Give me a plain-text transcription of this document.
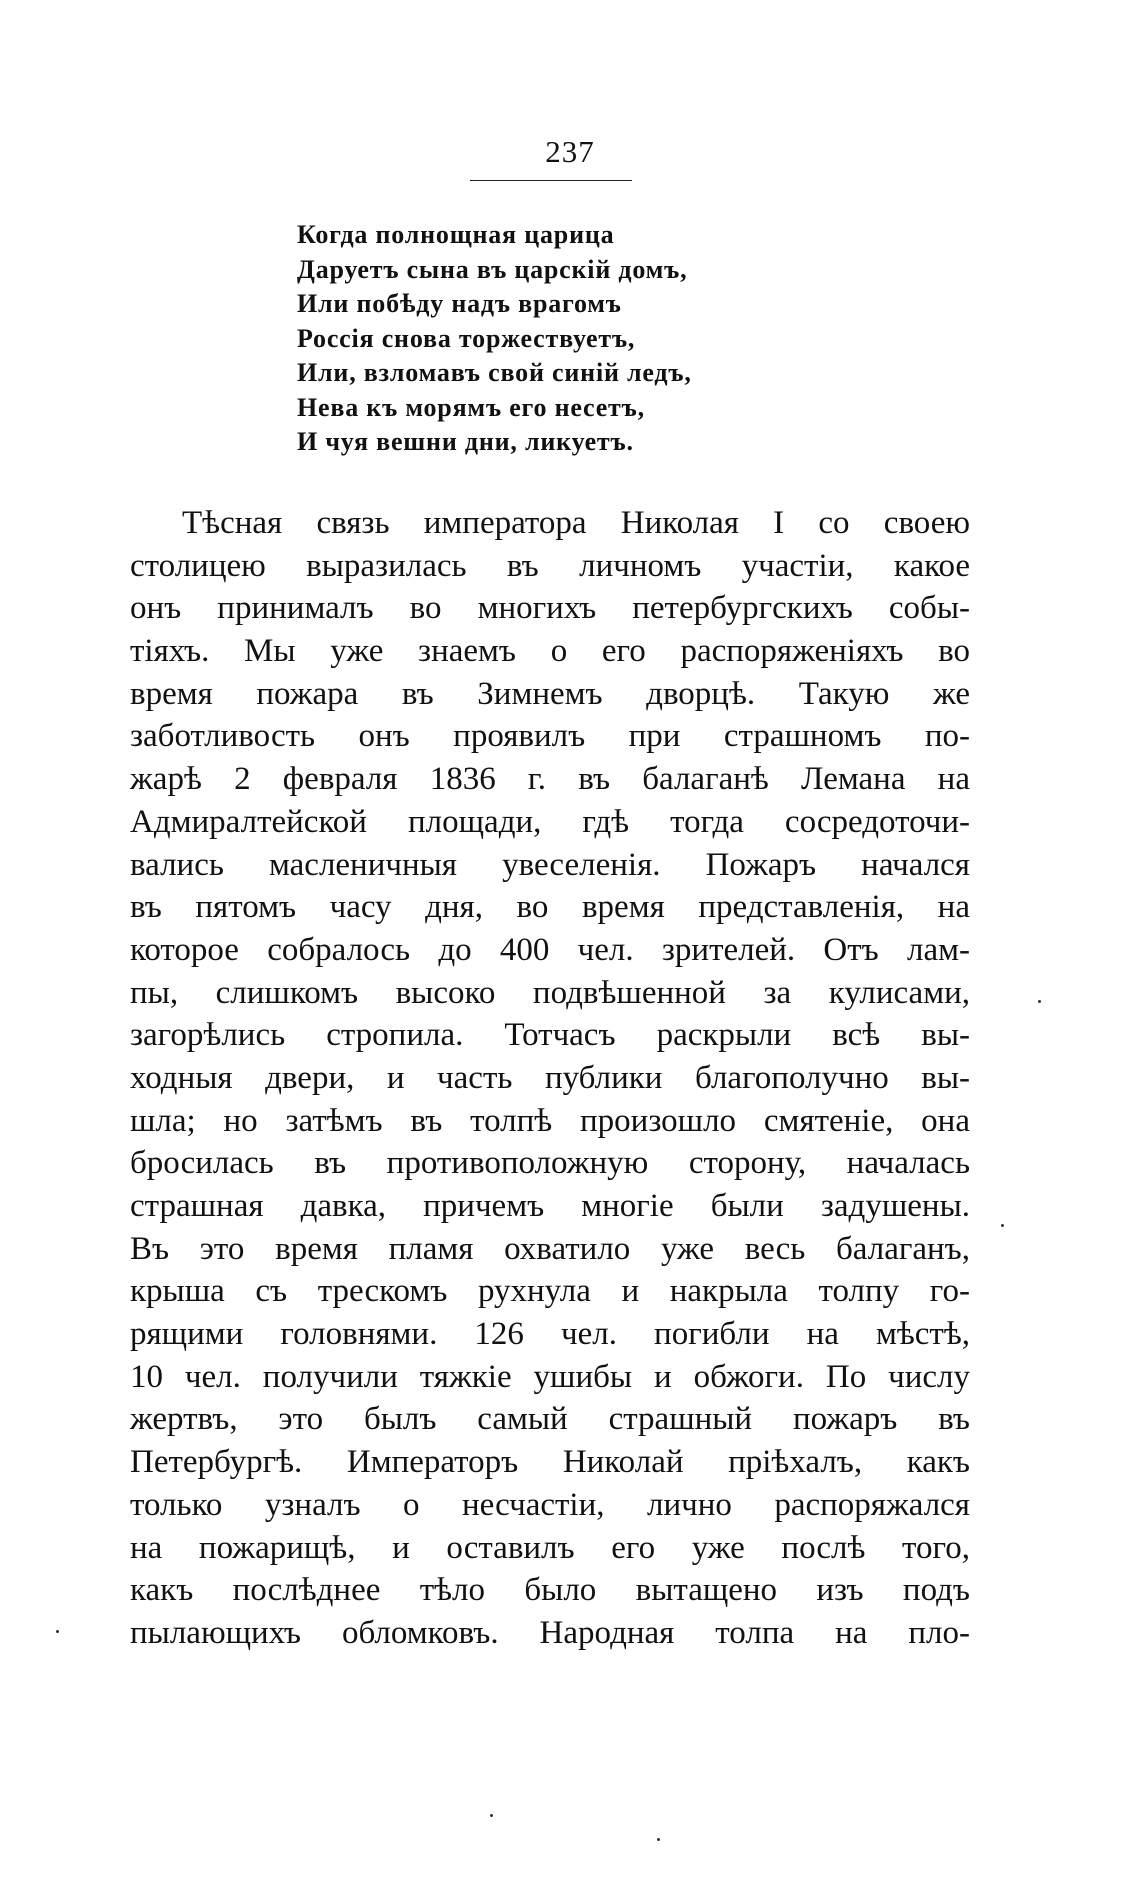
237
Когда полнощная царица
Даруетъ сына въ царскій домъ,
Или побѣду надъ врагомъ
Россія снова торжествуетъ,
Или, взломавъ свой синій ледъ,
Нева къ морямъ его несетъ,
И чуя вешни дни, ликуетъ.
Тѣсная связь императора Николая I со своею
столицею выразилась въ личномъ участіи, какое
онъ принималъ во многихъ петербургскихъ собы-
тіяхъ. Мы уже знаемъ о его распоряженіяхъ во
время пожара въ Зимнемъ дворцѣ. Такую же
заботливость онъ проявилъ при страшномъ по-
жарѣ 2 февраля 1836 г. въ балаганѣ Лемана на
Адмиралтейской площади, гдѣ тогда сосредоточи-
вались масленичныя увеселенія. Пожаръ начался
въ пятомъ часу дня, во время представленія, на
которое собралось до 400 чел. зрителей. Отъ лам-
пы, слишкомъ высоко подвѣшенной за кулисами,
загорѣлись стропила. Тотчасъ раскрыли всѣ вы-
ходныя двери, и часть публики благополучно вы-
шла; но затѣмъ въ толпѣ произошло смятеніе, она
бросилась въ противоположную сторону, началась
страшная давка, причемъ многіе были задушены.
Въ это время пламя охватило уже весь балаганъ,
крыша съ трескомъ рухнула и накрыла толпу го-
рящими головнями. 126 чел. погибли на мѣстѣ,
10 чел. получили тяжкіе ушибы и обжоги. По числу
жертвъ, это былъ самый страшный пожаръ въ
Петербургѣ. Императоръ Николай пріѣхалъ, какъ
только узналъ о несчастіи, лично распоряжался
на пожарищѣ, и оставилъ его уже послѣ того,
какъ послѣднее тѣло было вытащено изъ подъ
пылающихъ обломковъ. Народная толпа на пло-
